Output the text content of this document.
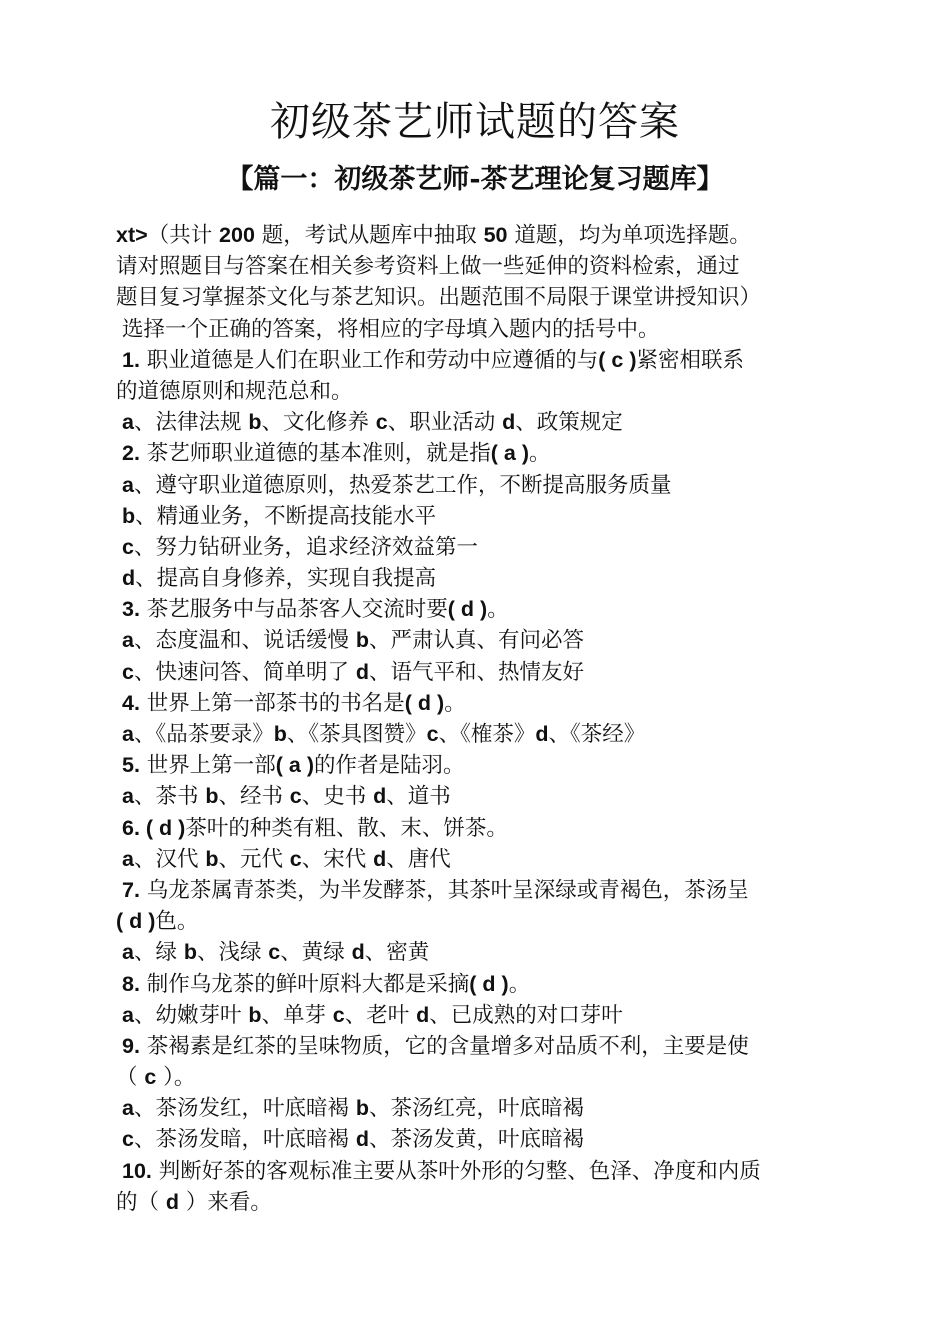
初级茶艺师试题的答案
【篇一：初级茶艺师-茶艺理论复习题库】
xt>（共计 200 题，考试从题库中抽取 50 道题，均为单项选择题。
请对照题目与答案在相关参考资料上做一些延伸的资料检索，通过
题目复习掌握茶文化与茶艺知识。出题范围不局限于课堂讲授知识）
选择一个正确的答案，将相应的字母填入题内的括号中。
1. 职业道德是人们在职业工作和劳动中应遵循的与( c )紧密相联系
的道德原则和规范总和。
a、法律法规 b、文化修养 c、职业活动 d、政策规定
2. 茶艺师职业道德的基本准则，就是指( a )。
a、遵守职业道德原则，热爱茶艺工作，不断提高服务质量
b、精通业务，不断提高技能水平
c、努力钻研业务，追求经济效益第一
d、提高自身修养，实现自我提高
3. 茶艺服务中与品茶客人交流时要( d )。
a、态度温和、说话缓慢 b、严肃认真、有问必答
c、快速问答、简单明了 d、语气平和、热情友好
4. 世界上第一部茶书的书名是( d )。
a、《品茶要录》b、《茶具图赞》c、《榷茶》d、《茶经》
5. 世界上第一部( a )的作者是陆羽。
a、茶书 b、经书 c、史书 d、道书
6. ( d )茶叶的种类有粗、散、末、饼茶。
a、汉代 b、元代 c、宋代 d、唐代
7. 乌龙茶属青茶类，为半发酵茶，其茶叶呈深绿或青褐色，茶汤呈
( d )色。
a、绿 b、浅绿 c、黄绿 d、密黄
8. 制作乌龙茶的鲜叶原料大都是采摘( d )。
a、幼嫩芽叶 b、单芽 c、老叶 d、已成熟的对口芽叶
9. 茶褐素是红茶的呈味物质，它的含量增多对品质不利，主要是使
（ c ）。
a、茶汤发红，叶底暗褐 b、茶汤红亮，叶底暗褐
c、茶汤发暗，叶底暗褐 d、茶汤发黄，叶底暗褐
10. 判断好茶的客观标准主要从茶叶外形的匀整、色泽、净度和内质
的（ d ）来看。
